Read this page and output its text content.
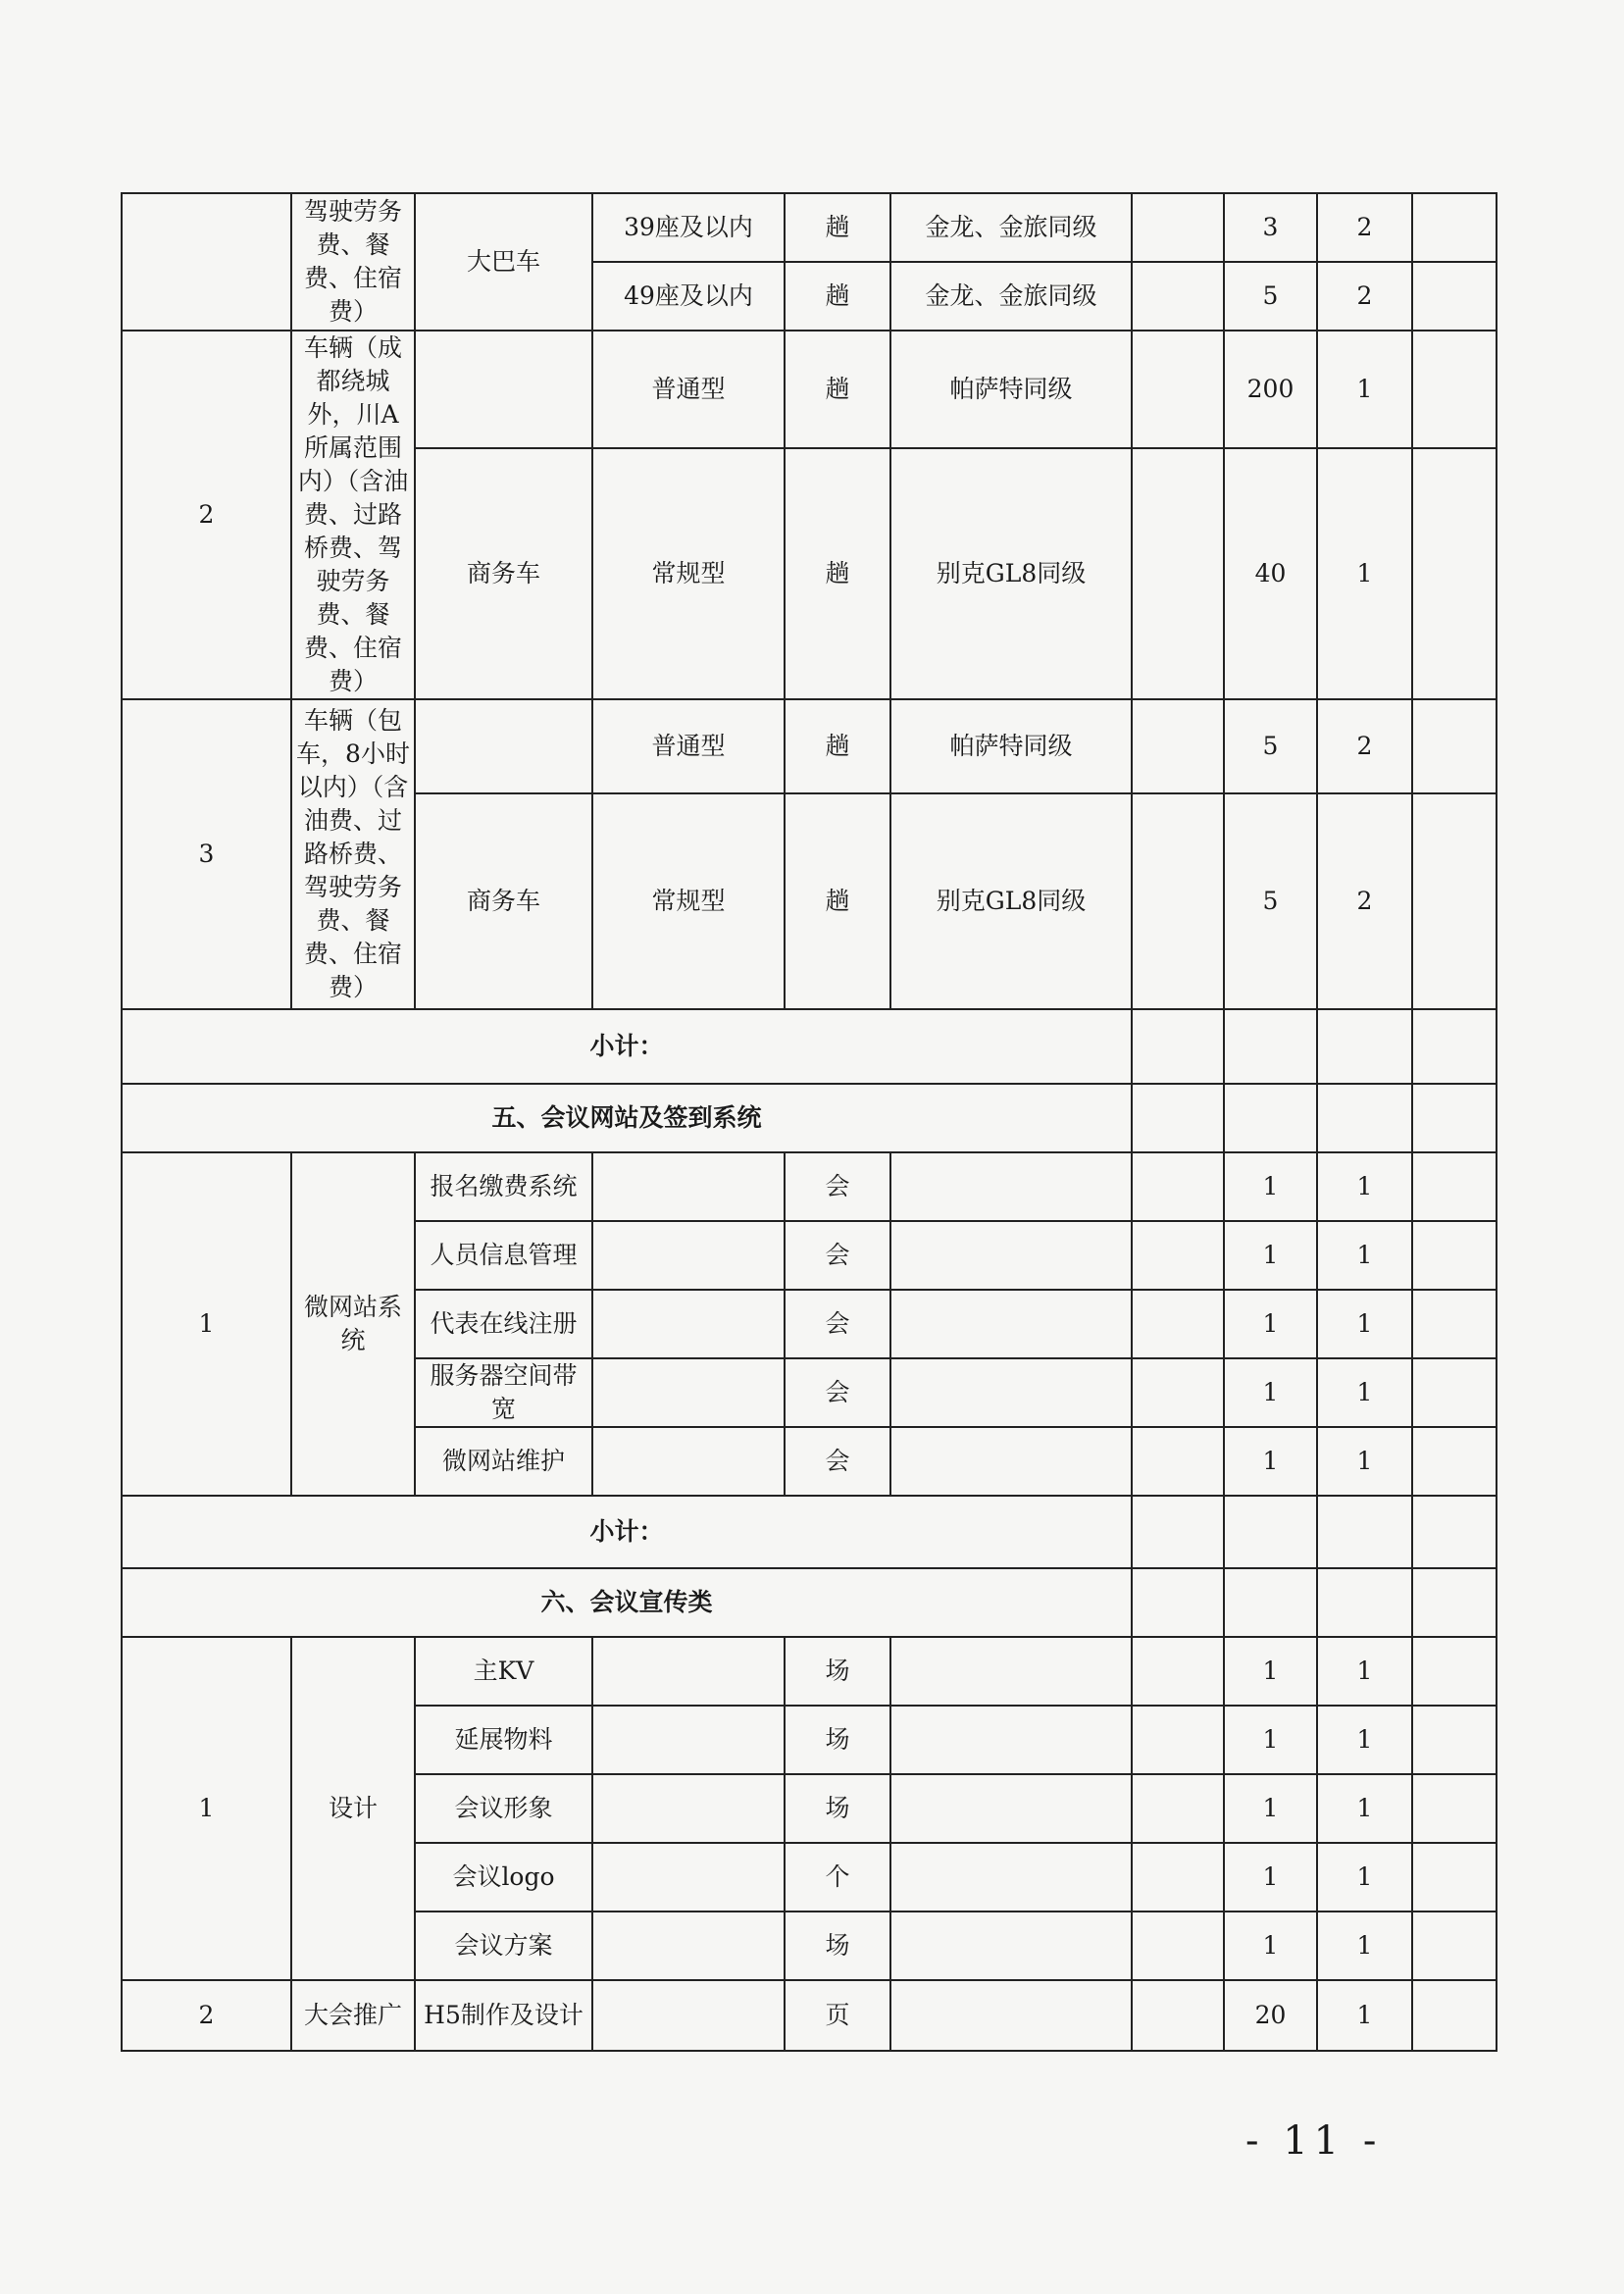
	驾驶劳务费、餐费、住宿费）	大巴车	39座及以内	趟	金龙、金旅同级		3	2	
			49座及以内	趟	金龙、金旅同级		5	2	
2	车辆（成都绕城外，川A所属范围内）（含油费、过路桥费、驾驶劳务费、餐费、住宿费）		普通型	趟	帕萨特同级		200	1	
		商务车	常规型	趟	别克GL8同级		40	1	
3	车辆（包车，8小时以内）（含油费、过路桥费、驾驶劳务费、餐费、住宿费）		普通型	趟	帕萨特同级		5	2	
		商务车	常规型	趟	别克GL8同级		5	2	
小计：									
五、会议网站及签到系统									
1	微网站系统	报名缴费系统		会			1	1	
		人员信息管理		会			1	1	
		代表在线注册		会			1	1	
		服务器空间带宽		会			1	1	
		微网站维护		会			1	1	
小计：									
六、会议宣传类									
1	设计	主KV		场			1	1	
		延展物料		场			1	1	
		会议形象		场			1	1	
		会议logo		个			1	1	
		会议方案		场			1	1	
2	大会推广	H5制作及设计		页			20	1	
- 11 -
